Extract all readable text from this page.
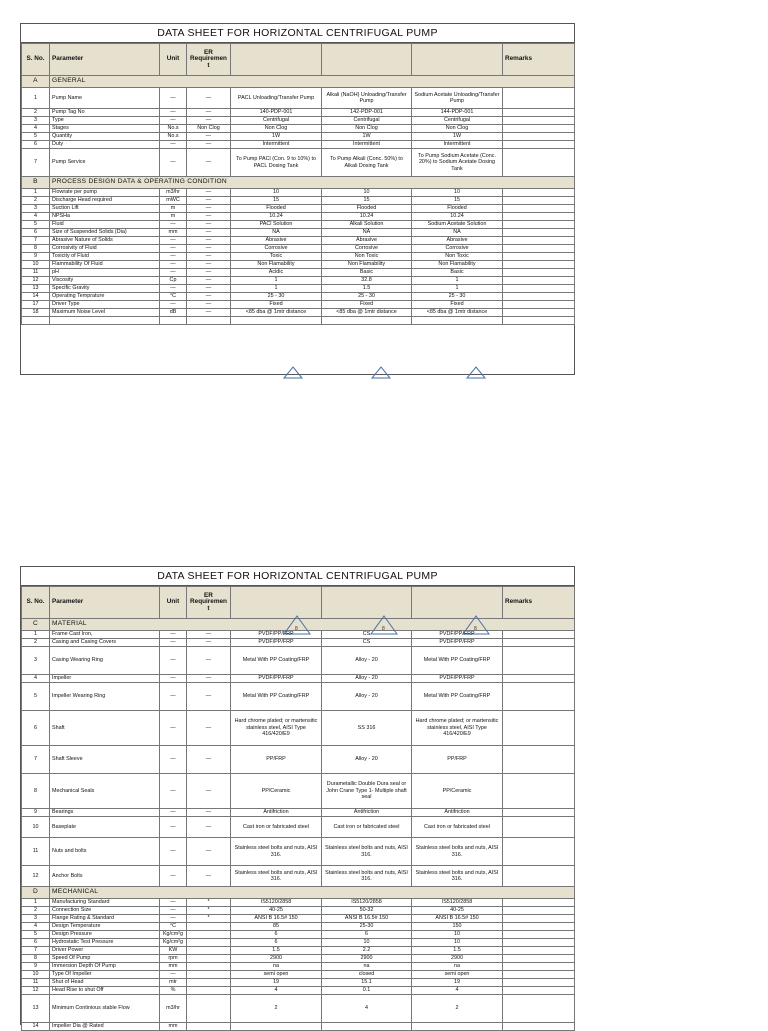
DATA SHEET FOR HORIZONTAL CENTRIFUGAL PUMP
S. No.	Parameter	Unit	ER Requirement				Remarks
A	GENERAL						
1	Pump Name	—	—	PACL Unloading/Transfer Pump	Alkali (NaOH) Unloading/Transfer Pump	Sodium Acetate Unloading/Transfer Pump	
2	Pump Tag No	—	—	140-PDP-001	142-PDP-001	144-PDP-001	
3	Type	—	—	Centrifugal	Centrifugal	Centrifugal	
4	Stages	No.s	Non Clog	Non Clog	Non Clog	Non Clog	
5	Quantity	No.s	—	1W	1W	1W	
6	Duty	—	—	Intermittent	Intermittent	Intermittent	
7	Pump Service	—	—	To Pump PACl (Con. 9 to 10%) to PACL Dosing Tank	To Pump Alkali (Conc. 50%) to Alkali Dosing Tank	To Pump Sodium Acetate (Conc. 20%) to Sodium Acetate Dosing Tank	
B	PROCESS DESIGN DATA & OPERATING CONDITION						
1	Flowrate per pump	m3/hr	—	10	10	10	
2	Discharge Head required	mWC	—	15	15	15	
3	Suction Lift	m	—	Flooded	Flooded	Flooded	
4	NPSHa	m	—	10.24	10.24	10.24	
5	Fluid	—	—	PACl Solution	Alkali Solution	Sodium Acetate Solution	
6	Size of Suspended Solids (Dia)	mm	—	NA	NA	NA	
7	Abrasive Nature of Solids	—	—	Abrasive	Abrasive	Abrasive	
8	Corrosivity of Fluid	—	—	Corrosive	Corrosive	Corrosive	
9	Toxicity of Fluid	—	—	Toxic	Non Toxic	Non Toxic	
10	Flammability Of Fluid	—	—	Non Flamability	Non Flamability	Non Flamability	
11	pH	—	—	Acidic	Basic	Basic	
12	Viscosity	Cp	—	1	32.8	1	
13	Specific Gravity	—	—	1	1.5	1	
14	Operating Temprature	°C	—	25 - 30	25 - 30	25 - 30	
17	Driver Type	—	—	Fixed	Fixed	Fixed	
18	Maximum Noise Level	dB	—	<85 dba @ 1mtr distance	<85 dba @ 1mtr distance	<85 dba @ 1mtr distance	

DATA SHEET FOR HORIZONTAL CENTRIFUGAL PUMP
S. No.	Parameter	Unit	ER Requirement				Remarks
C	MATERIAL						
1	Frame Cast Iron,	—	—	PVDF/PP/FRP	CS	PVDF/PP/FRP	
2	Casing and Casing Covers	—	—	PVDF/PP/FRP	CS	PVDF/PP/FRP	
3	Casing Wearing Ring	—	—	Metal With PP Coating/FRP	Alloy - 20	Metal With PP Coating/FRP	
4	Impeller	—	—	PVDF/PP/FRP	Alloy - 20	PVDF/PP/FRP	
5	Impeller Wearing Ring	—	—	Metal With PP Coating/FRP	Alloy - 20	Metal With PP Coating/FRP	
6	Shaft	—	—	Hard chrome plated; or martensitic stainless steel, AISI Type 416/420/E9	SS 316	Hard chrome plated; or martensitic stainless steel, AISI Type 416/420/E9	
7	Shaft Sleeve	—	—	PP/FRP	Alloy - 20	PP/FRP	
8	Mechanical Seals	—	—	PP/Ceramic	Durametallic Double Dura seal or John Crane Type 1- Multiple shaft seal	PP/Ceramic	
9	Bearings	—	—	Antifriction	Antifriction	Antifriction	
10	Baseplate	—	—	Cast iron or fabricated steel	Cast iron or fabricated steel	Cast iron or fabricated steel	
11	Nuts and bolts	—	—	Stainless steel bolts and nuts, AISI 316.	Stainless steel bolts and nuts, AISI 316.	Stainless steel bolts and nuts, AISI 316.	
12	Anchor Bolts	—	—	Stainless steel bolts and nuts, AISI 316.	Stainless steel bolts and nuts, AISI 316.	Stainless steel bolts and nuts, AISI 316.	
D	MECHANICAL						
1	Manufacturing Standard	—	*	IS5120/2858	IS5120/2858	IS5120/2858	
2	Connection Size	—	*	40-25	50-32	40-25	
3	Flange Rating & Standard	—	*	ANSI B 16.5# 150	ANSI B 16.5# 150	ANSI B 16.5# 150	
4	Design Temperature	°C		85	25-30	150	
5	Design Pressure	Kg/cm²g		6	6	10	
6	Hydrostatic Test Pressure	Kg/cm²g		6	10	10	
7	Driver Power	KW		1.5	2.2	1.5	
8	Speed Of Pump	rpm		2900	2900	2900	
9	Immersion Depth Of Pump	mm		na	na	na	
10	Type Of Impeller	—		semi open	closed	semi open	
11	Shut of Head	mtr		19	15.1	19	
12	Head Rise to shut Off	%		4	0.1	4	
13	Minimum Continious stable Flow	m3/hr		2	4	2	
14	Impeller Dia @ Rated	mm					
8	8	8
